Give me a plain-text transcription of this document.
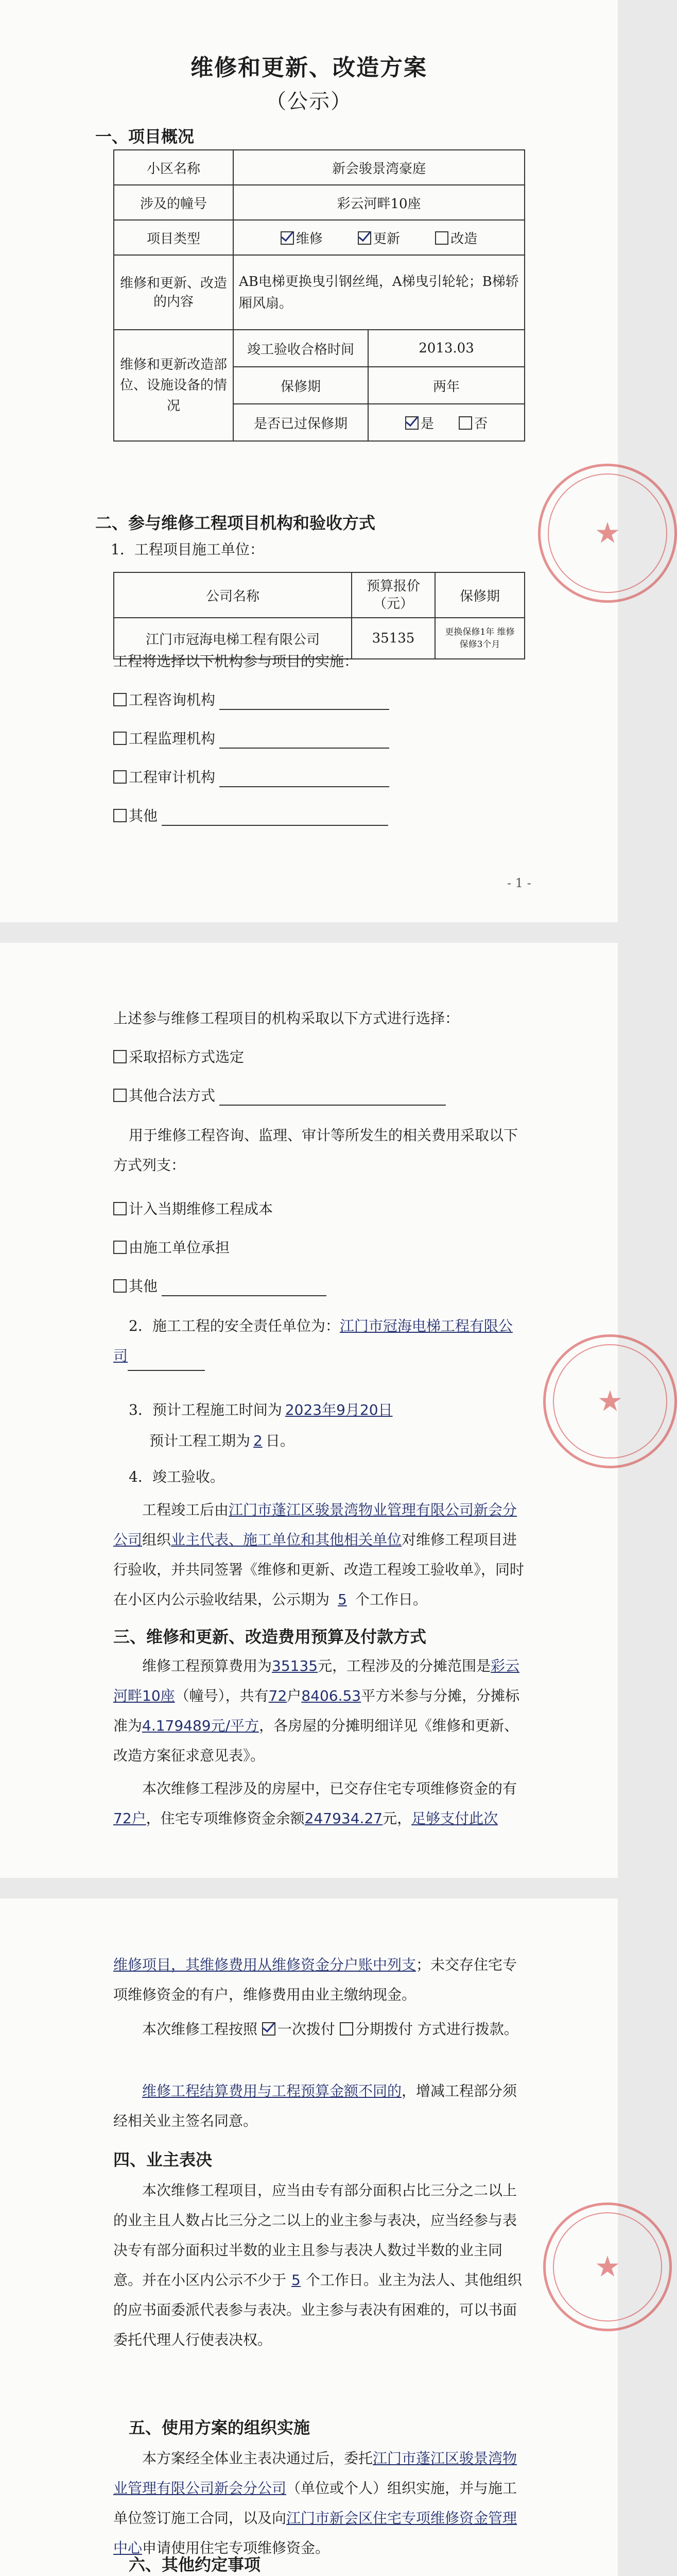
维修和更新、改造方案
（公示）
一、项目概况
小区名称	新会骏景湾豪庭	
涉及的幢号	彩云河畔10座	
项目类型	维修 更新 改造	
维修和更新、改造的内容	AB电梯更换曳引钢丝绳，A梯曳引轮轮；B梯轿厢风扇。	
维修和更新改造部位、设施设备的情况	竣工验收合格时间	2013.03
	保修期	两年
	是否已过保修期	是 否
二、参与维修工程项目机构和验收方式
1．工程项目施工单位：
公司名称	预算报价（元）	保修期
江门市冠海电梯工程有限公司	35135	更换保修1年 维修保修3个月
工程将选择以下机构参与项目的实施：
工程咨询机构
工程监理机构
工程审计机构
其他
- 1 -
★
上述参与维修工程项目的机构采取以下方式进行选择：
采取招标方式选定
其他合法方式
用于维修工程咨询、监理、审计等所发生的相关费用采取以下方式列支：
计入当期维修工程成本
由施工单位承担
其他
2．施工工程的安全责任单位为：江门市冠海电梯工程有限公司
3．预计工程施工时间为 2023年9月20日
预计工程工期为 2 日。
4．竣工验收。
工程竣工后由江门市蓬江区骏景湾物业管理有限公司新会分公司组织业主代表、施工单位和其他相关单位对维修工程项目进行验收，并共同签署《维修和更新、改造工程竣工验收单》，同时在小区内公示验收结果，公示期为 5 个工作日。
三、维修和更新、改造费用预算及付款方式
维修工程预算费用为35135元，工程涉及的分摊范围是彩云河畔10座（幢号），共有72户8406.53平方米参与分摊，分摊标准为4.179489元/平方，各房屋的分摊明细详见《维修和更新、改造方案征求意见表》。
本次维修工程涉及的房屋中，已交存住宅专项维修资金的有72户，住宅专项维修资金余额247934.27元，足够支付此次
★
维修项目，其维修费用从维修资金分户账中列支；未交存住宅专项维修资金的有户，维修费用由业主缴纳现金。
本次维修工程按照 一次拨付 分期拨付 方式进行拨款。
维修工程结算费用与工程预算金额不同的，增减工程部分须经相关业主签名同意。
四、业主表决
本次维修工程项目，应当由专有部分面积占比三分之二以上的业主且人数占比三分之二以上的业主参与表决，应当经参与表决专有部分面积过半数的业主且参与表决人数过半数的业主同意。并在小区内公示不少于 5 个工作日。业主为法人、其他组织的应书面委派代表参与表决。业主参与表决有困难的，可以书面委托代理人行使表决权。
五、使用方案的组织实施
本方案经全体业主表决通过后，委托江门市蓬江区骏景湾物业管理有限公司新会分公司（单位或个人）组织实施，并与施工单位签订施工合同，以及向江门市新会区住宅专项维修资金管理中心申请使用住宅专项维修资金。
六、其他约定事项
★
